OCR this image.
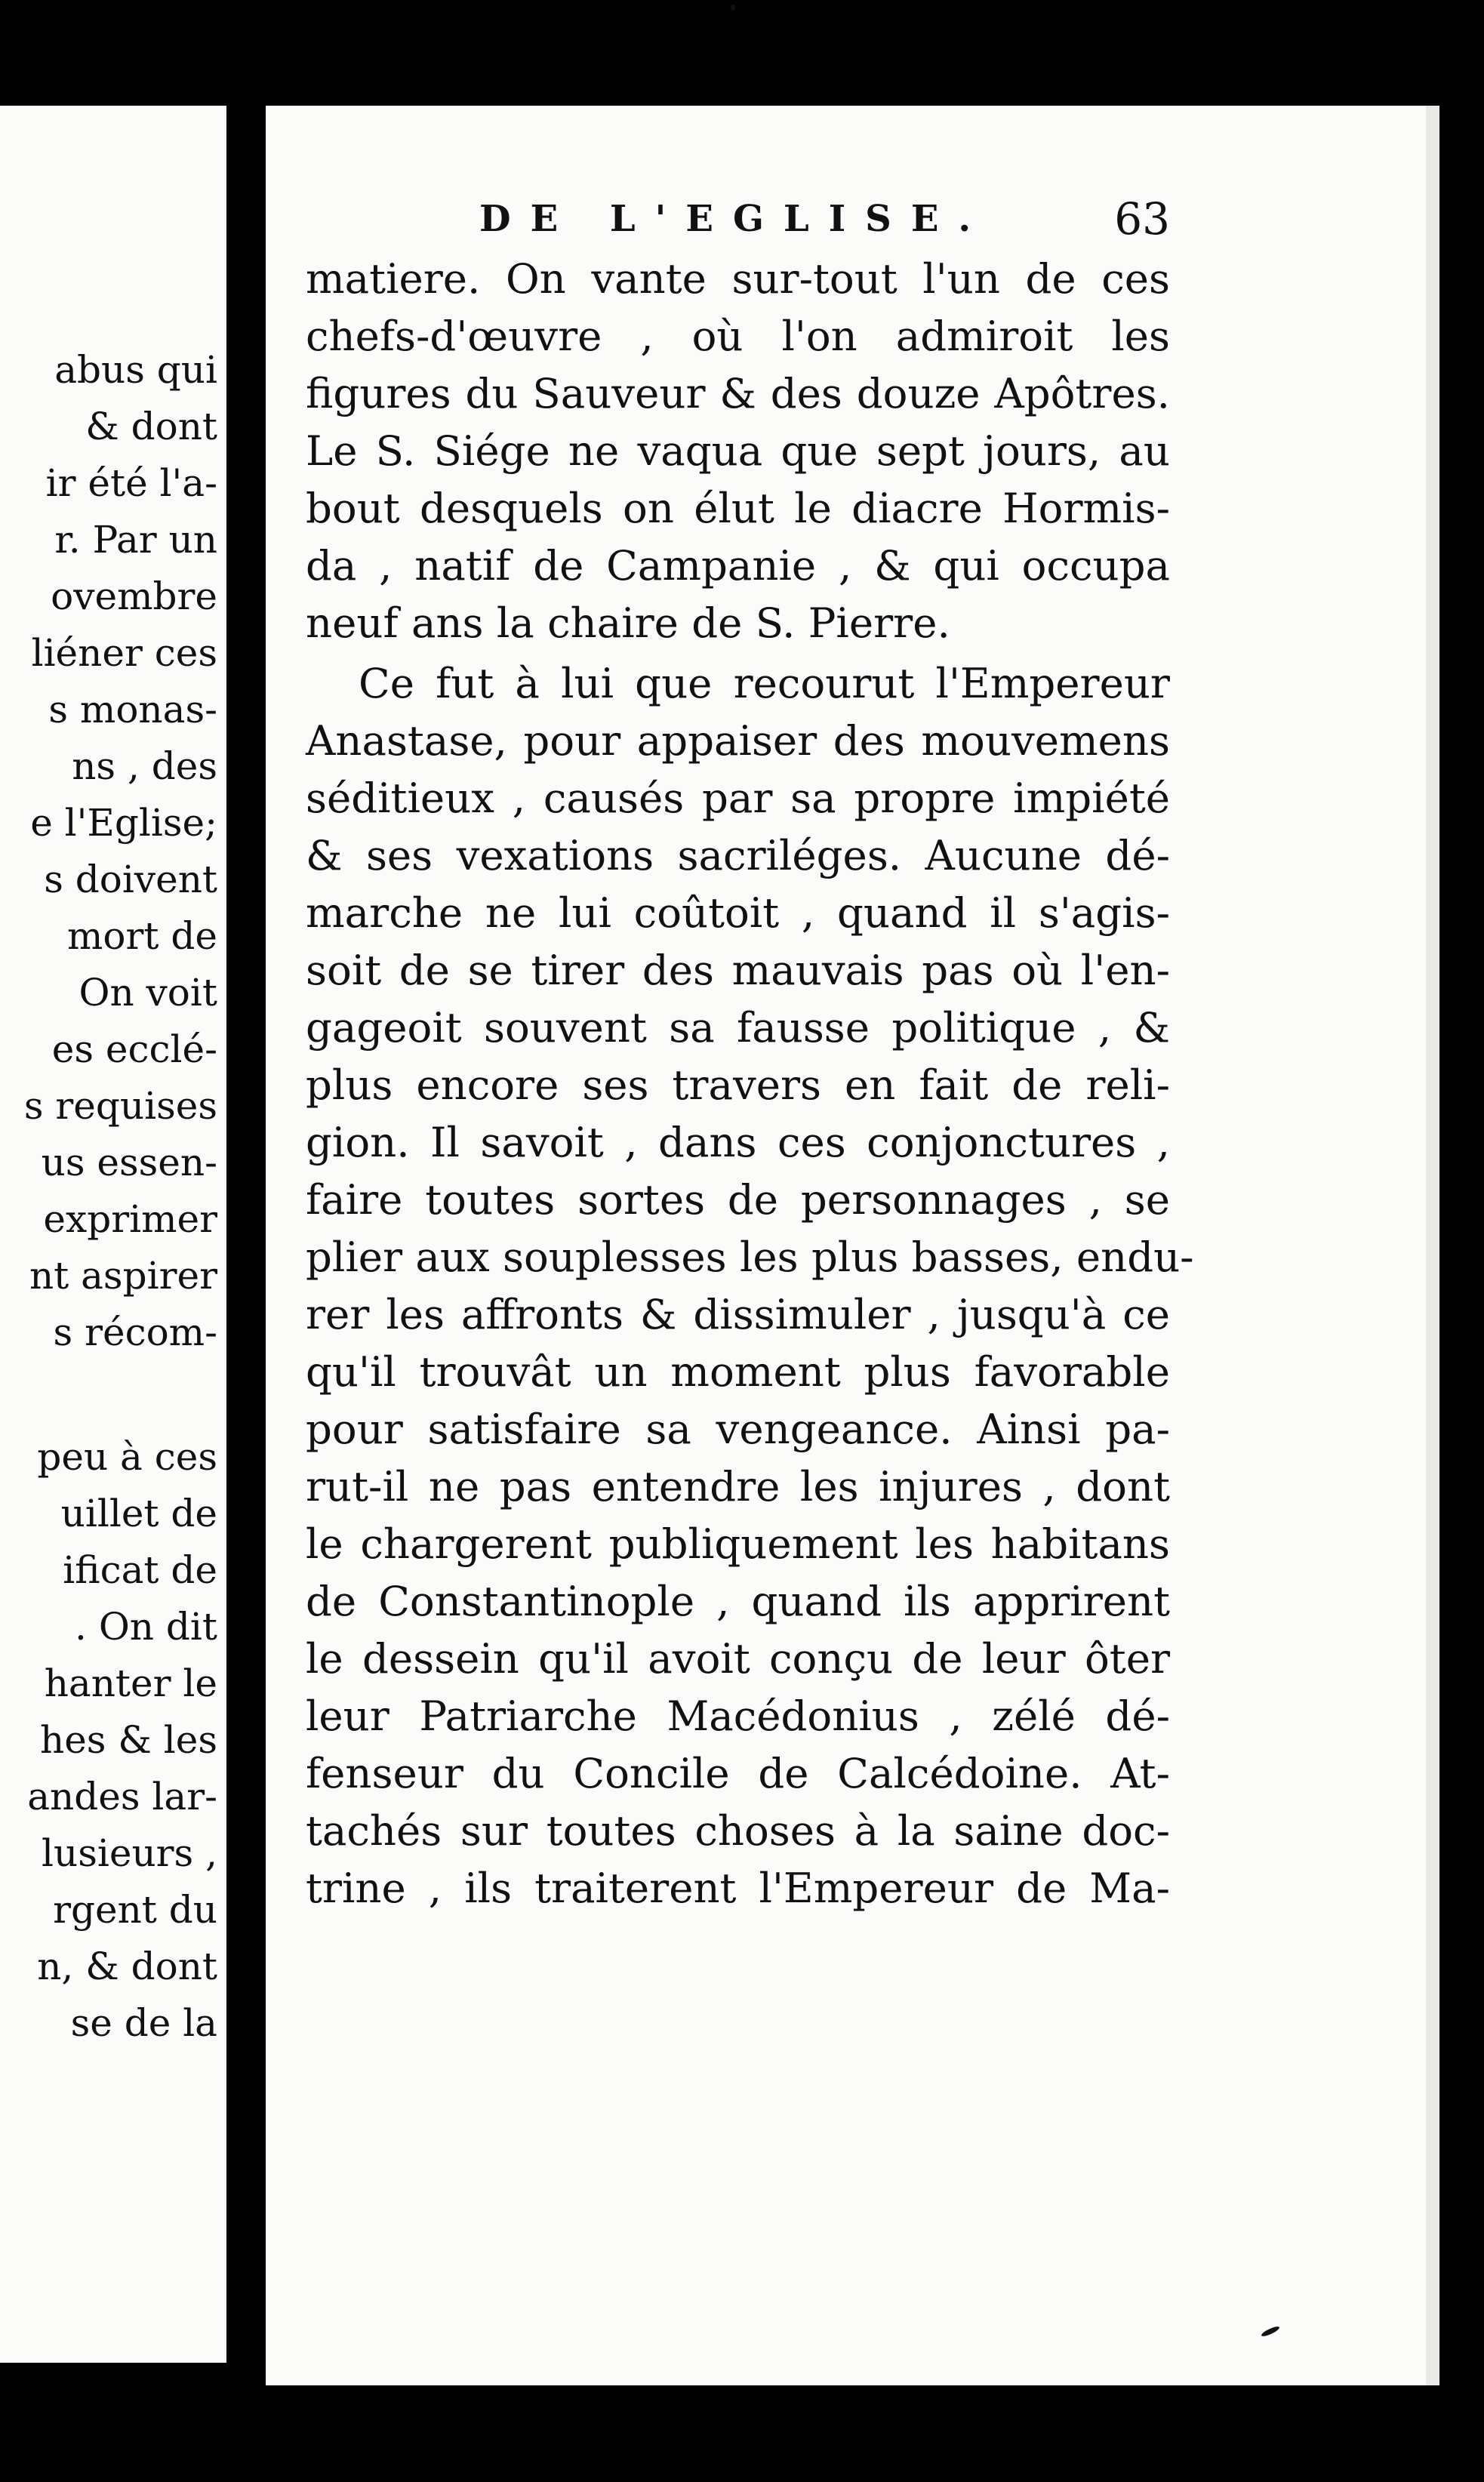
abus qui
& dont
ir été l'a-
r. Par un
ovembre
liéner ces
s monas-
ns , des
e l'Eglise;
s doivent
mort de
On voit
es ecclé-
s requises
us essen-
exprimer
nt aspirer
s récom-
peu à ces
uillet de
ificat de
. On dit
hanter le
hes & les
andes lar-
lusieurs ,
rgent du
n, & dont
se de la
DE L'EGLISE.	63
matiere. On vante sur-tout l'un de ces
chefs-d'œuvre , où l'on admiroit les
figures du Sauveur & des douze Apôtres.
Le S. Siége ne vaqua que sept jours, au
bout desquels on élut le diacre Hormis-
da , natif de Campanie , & qui occupa
neuf ans la chaire de S. Pierre.
Ce fut à lui que recourut l'Empereur
Anastase, pour appaiser des mouvemens
séditieux , causés par sa propre impiété
& ses vexations sacriléges. Aucune dé-
marche ne lui coûtoit , quand il s'agis-
soit de se tirer des mauvais pas où l'en-
gageoit souvent sa fausse politique , &
plus encore ses travers en fait de reli-
gion. Il savoit , dans ces conjonctures ,
faire toutes sortes de personnages , se
plier aux souplesses les plus basses, endu-
rer les affronts & dissimuler , jusqu'à ce
qu'il trouvât un moment plus favorable
pour satisfaire sa vengeance. Ainsi pa-
rut-il ne pas entendre les injures , dont
le chargerent publiquement les habitans
de Constantinople , quand ils apprirent
le dessein qu'il avoit conçu de leur ôter
leur Patriarche Macédonius , zélé dé-
fenseur du Concile de Calcédoine. At-
tachés sur toutes choses à la saine doc-
trine , ils traiterent l'Empereur de Ma-
